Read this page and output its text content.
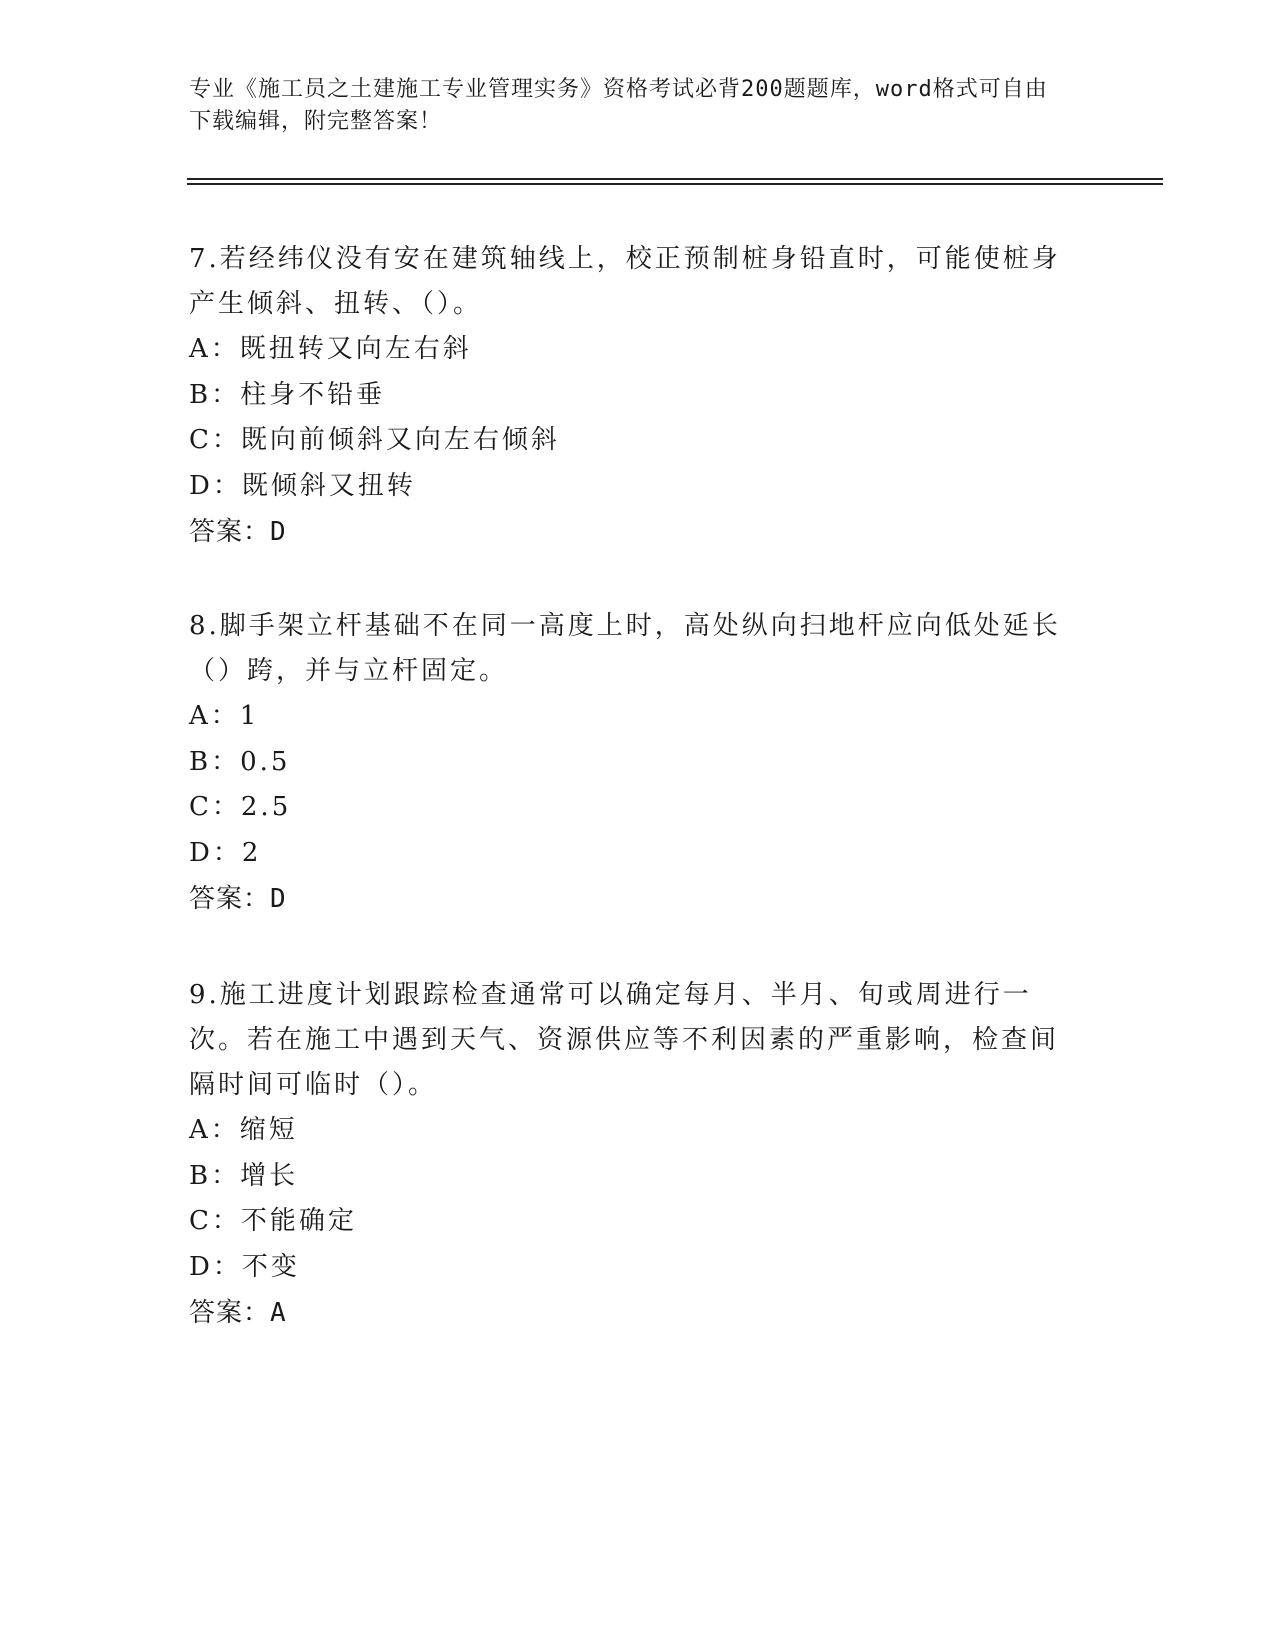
专业《施工员之土建施工专业管理实务》资格考试必背200题题库，word格式可自由下载编辑，附完整答案！

7.若经纬仪没有安在建筑轴线上，校正预制桩身铅直时，可能使桩身产生倾斜、扭转、（）。

A：既扭转又向左右斜

B：柱身不铅垂

C：既向前倾斜又向左右倾斜

D：既倾斜又扭转

答案：D

8.脚手架立杆基础不在同一高度上时，高处纵向扫地杆应向低处延长（）跨，并与立杆固定。

A：1

B：0.5

C：2.5

D：2

答案：D

9.施工进度计划跟踪检查通常可以确定每月、半月、旬或周进行一次。若在施工中遇到天气、资源供应等不利因素的严重影响，检查间隔时间可临时（）。

A：缩短

B：增长

C：不能确定

D：不变

答案：A
